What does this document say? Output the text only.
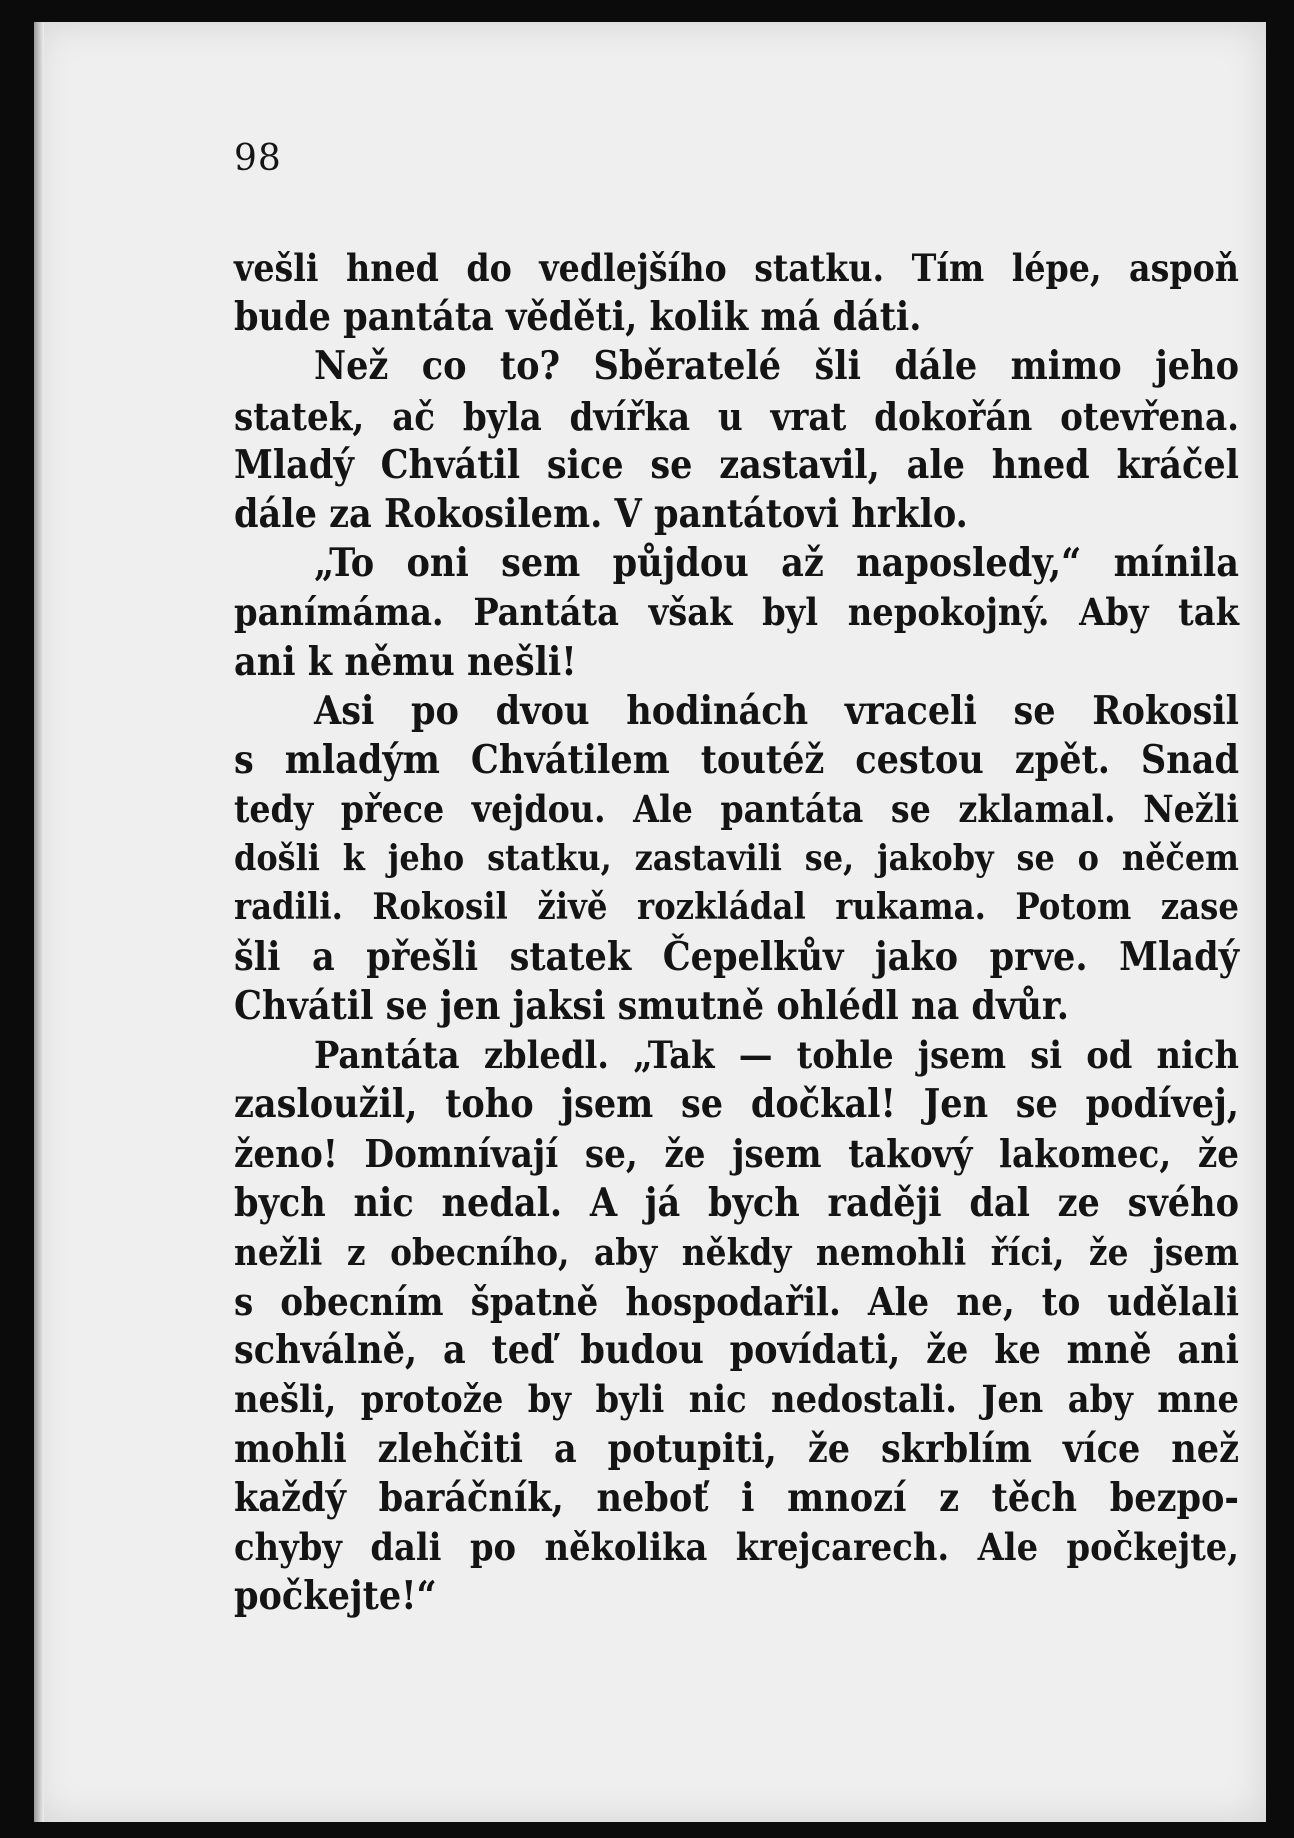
98
vešli hned do vedlejšího statku. Tím lépe, aspoň
bude pantáta věděti, kolik má dáti.
Než co to? Sběratelé šli dále mimo jeho
statek, ač byla dvířka u vrat dokořán otevřena.
Mladý Chvátil sice se zastavil, ale hned kráčel
dále za Rokosilem. V pantátovi hrklo.
„To oni sem půjdou až naposledy,“ mínila
panímáma. Pantáta však byl nepokojný. Aby tak
ani k němu nešli!
Asi po dvou hodinách vraceli se Rokosil
s mladým Chvátilem toutéž cestou zpět. Snad
tedy přece vejdou. Ale pantáta se zklamal. Nežli
došli k jeho statku, zastavili se, jakoby se o něčem
radili. Rokosil živě rozkládal rukama. Potom zase
šli a přešli statek Čepelkův jako prve. Mladý
Chvátil se jen jaksi smutně ohlédl na dvůr.
Pantáta zbledl. „Tak — tohle jsem si od nich
zasloužil, toho jsem se dočkal! Jen se podívej,
ženo! Domnívají se, že jsem takový lakomec, že
bych nic nedal. A já bych raději dal ze svého
nežli z obecního, aby někdy nemohli říci, že jsem
s obecním špatně hospodařil. Ale ne, to udělali
schválně, a teď budou povídati, že ke mně ani
nešli, protože by byli nic nedostali. Jen aby mne
mohli zlehčiti a potupiti, že skrblím více než
každý baráčník, neboť i mnozí z těch bezpo-
chyby dali po několika krejcarech. Ale počkejte,
počkejte!“
